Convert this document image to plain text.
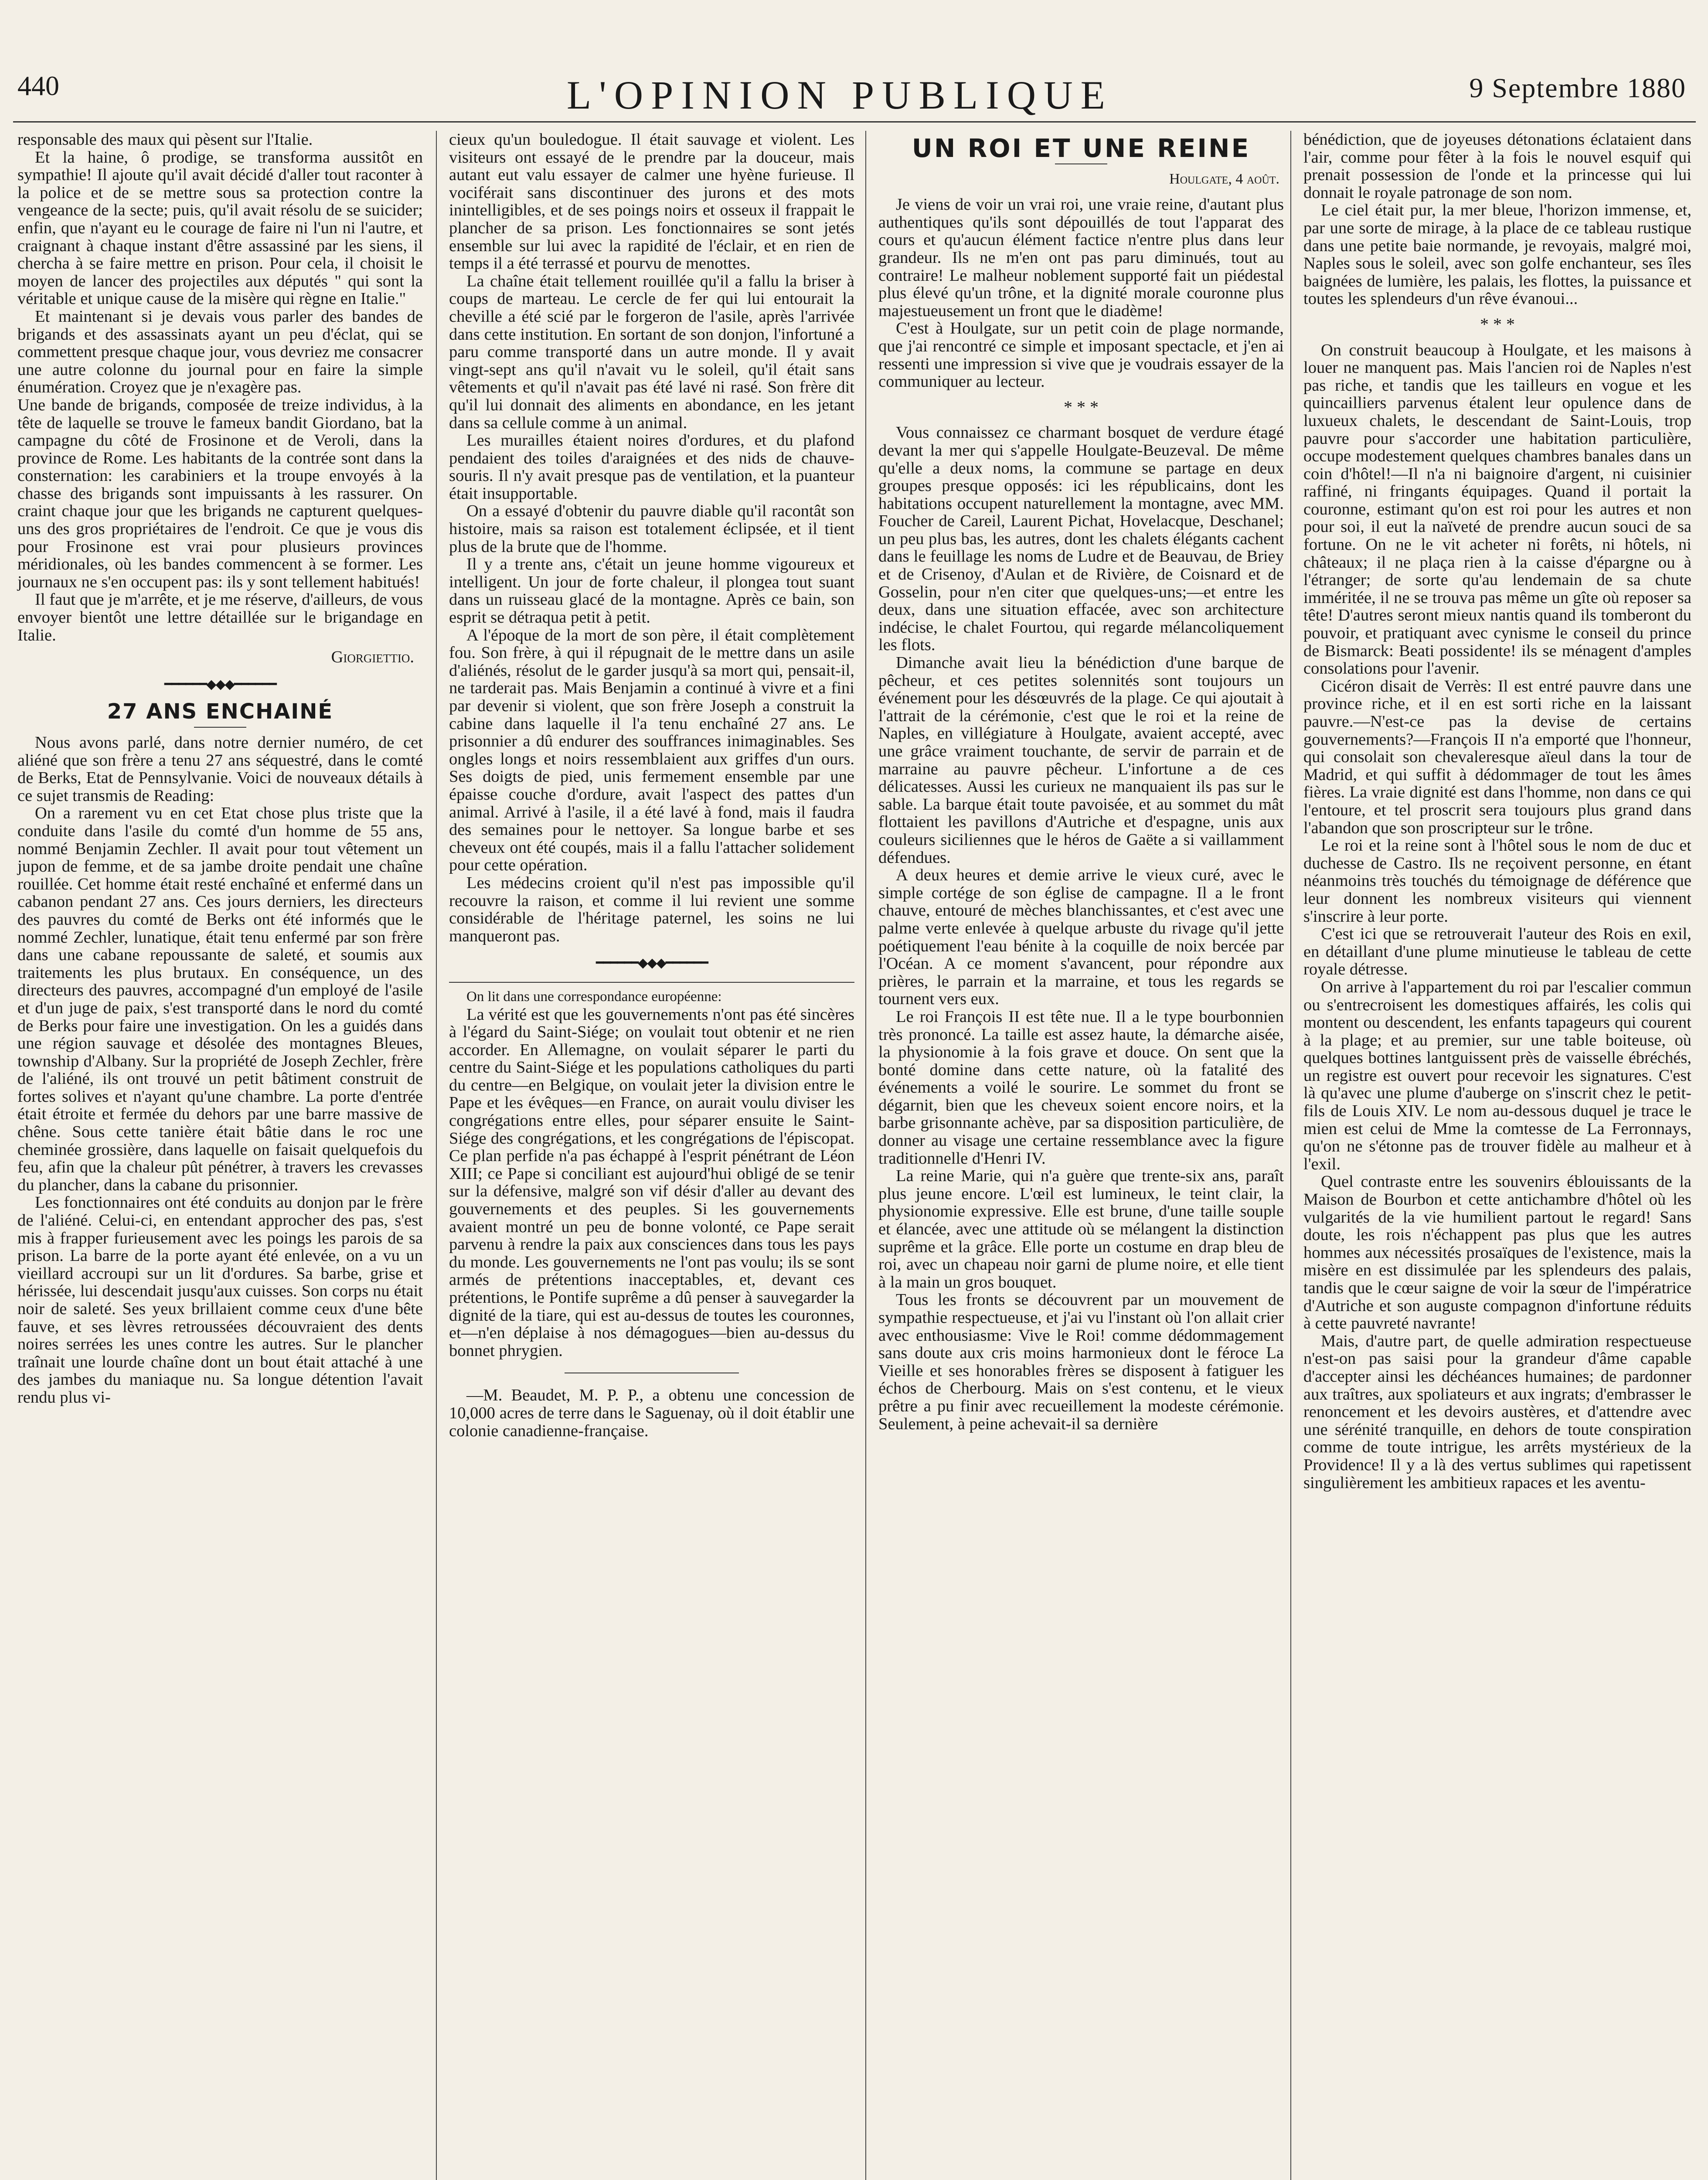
440	L'OPINION PUBLIQUE	9 Septembre 1880

responsable des maux qui pèsent sur l'Italie.

Et la haine, ô prodige, se transforma aussitôt en sympathie! Il ajoute qu'il avait décidé d'aller tout raconter à la police et de se mettre sous sa protection contre la vengeance de la secte; puis, qu'il avait résolu de se suicider; enfin, que n'ayant eu le courage de faire ni l'un ni l'autre, et craignant à chaque instant d'être assassiné par les siens, il chercha à se faire mettre en prison. Pour cela, il choisit le moyen de lancer des projectiles aux députés " qui sont la véritable et unique cause de la misère qui règne en Italie."

Et maintenant si je devais vous parler des bandes de brigands et des assassinats ayant un peu d'éclat, qui se commettent presque chaque jour, vous devriez me consacrer une autre colonne du journal pour en faire la simple énumération. Croyez que je n'exagère pas.

Une bande de brigands, composée de treize individus, à la tête de laquelle se trouve le fameux bandit Giordano, bat la campagne du côté de Frosinone et de Veroli, dans la province de Rome. Les habitants de la contrée sont dans la consternation: les carabiniers et la troupe envoyés à la chasse des brigands sont impuissants à les rassurer. On craint chaque jour que les brigands ne capturent quelques-uns des gros propriétaires de l'endroit. Ce que je vous dis pour Frosinone est vrai pour plusieurs provinces méridionales, où les bandes commencent à se former. Les journaux ne s'en occupent pas: ils y sont tellement habitués!

Il faut que je m'arrête, et je me réserve, d'ailleurs, de vous envoyer bientôt une lettre détaillée sur le brigandage en Italie.

Giorgiettio.
━━━━━━◆◆◆━━━━━━
27 ANS ENCHAINÉ

Nous avons parlé, dans notre dernier numéro, de cet aliéné que son frère a tenu 27 ans séquestré, dans le comté de Berks, Etat de Pennsylvanie. Voici de nouveaux détails à ce sujet transmis de Reading:

On a rarement vu en cet Etat chose plus triste que la conduite dans l'asile du comté d'un homme de 55 ans, nommé Benjamin Zechler. Il avait pour tout vêtement un jupon de femme, et de sa jambe droite pendait une chaîne rouillée. Cet homme était resté enchaîné et enfermé dans un cabanon pendant 27 ans. Ces jours derniers, les directeurs des pauvres du comté de Berks ont été informés que le nommé Zechler, lunatique, était tenu enfermé par son frère dans une cabane repoussante de saleté, et soumis aux traitements les plus brutaux. En conséquence, un des directeurs des pauvres, accompagné d'un employé de l'asile et d'un juge de paix, s'est transporté dans le nord du comté de Berks pour faire une investigation. On les a guidés dans une région sauvage et désolée des montagnes Bleues, township d'Albany. Sur la propriété de Joseph Zechler, frère de l'aliéné, ils ont trouvé un petit bâtiment construit de fortes solives et n'ayant qu'une chambre. La porte d'entrée était étroite et fermée du dehors par une barre massive de chêne. Sous cette tanière était bâtie dans le roc une cheminée grossière, dans laquelle on faisait quelquefois du feu, afin que la chaleur pût pénétrer, à travers les crevasses du plancher, dans la cabane du prisonnier.

Les fonctionnaires ont été conduits au donjon par le frère de l'aliéné. Celui-ci, en entendant approcher des pas, s'est mis à frapper furieusement avec les poings les parois de sa prison. La barre de la porte ayant été enlevée, on a vu un vieillard accroupi sur un lit d'ordures. Sa barbe, grise et hérissée, lui descendait jusqu'aux cuisses. Son corps nu était noir de saleté. Ses yeux brillaient comme ceux d'une bête fauve, et ses lèvres retroussées découvraient des dents noires serrées les unes contre les autres. Sur le plancher traînait une lourde chaîne dont un bout était attaché à une des jambes du maniaque nu. Sa longue détention l'avait rendu plus vi-

cieux qu'un bouledogue. Il était sauvage et violent. Les visiteurs ont essayé de le prendre par la douceur, mais autant eut valu essayer de calmer une hyène furieuse. Il vociférait sans discontinuer des jurons et des mots inintelligibles, et de ses poings noirs et osseux il frappait le plancher de sa prison. Les fonctionnaires se sont jetés ensemble sur lui avec la rapidité de l'éclair, et en rien de temps il a été terrassé et pourvu de menottes.

La chaîne était tellement rouillée qu'il a fallu la briser à coups de marteau. Le cercle de fer qui lui entourait la cheville a été scié par le forgeron de l'asile, après l'arrivée dans cette institution. En sortant de son donjon, l'infortuné a paru comme transporté dans un autre monde. Il y avait vingt-sept ans qu'il n'avait vu le soleil, qu'il était sans vêtements et qu'il n'avait pas été lavé ni rasé. Son frère dit qu'il lui donnait des aliments en abondance, en les jetant dans sa cellule comme à un animal.

Les murailles étaient noires d'ordures, et du plafond pendaient des toiles d'araignées et des nids de chauve-souris. Il n'y avait presque pas de ventilation, et la puanteur était insupportable.

On a essayé d'obtenir du pauvre diable qu'il racontât son histoire, mais sa raison est totalement éclipsée, et il tient plus de la brute que de l'homme.

Il y a trente ans, c'était un jeune homme vigoureux et intelligent. Un jour de forte chaleur, il plongea tout suant dans un ruisseau glacé de la montagne. Après ce bain, son esprit se détraqua petit à petit.

A l'époque de la mort de son père, il était complètement fou. Son frère, à qui il répugnait de le mettre dans un asile d'aliénés, résolut de le garder jusqu'à sa mort qui, pensait-il, ne tarderait pas. Mais Benjamin a continué à vivre et a fini par devenir si violent, que son frère Joseph a construit la cabine dans laquelle il l'a tenu enchaîné 27 ans. Le prisonnier a dû endurer des souffrances inimaginables. Ses ongles longs et noirs ressemblaient aux griffes d'un ours. Ses doigts de pied, unis fermement ensemble par une épaisse couche d'ordure, avait l'aspect des pattes d'un animal. Arrivé à l'asile, il a été lavé à fond, mais il faudra des semaines pour le nettoyer. Sa longue barbe et ses cheveux ont été coupés, mais il a fallu l'attacher solidement pour cette opération.

Les médecins croient qu'il n'est pas impossible qu'il recouvre la raison, et comme il lui revient une somme considérable de l'héritage paternel, les soins ne lui manqueront pas.

━━━━━━◆◆◆━━━━━━

On lit dans une correspondance européenne:

La vérité est que les gouvernements n'ont pas été sincères à l'égard du Saint-Siége; on voulait tout obtenir et ne rien accorder. En Allemagne, on voulait séparer le parti du centre du Saint-Siége et les populations catholiques du parti du centre—en Belgique, on voulait jeter la division entre le Pape et les évêques—en France, on aurait voulu diviser les congrégations entre elles, pour séparer ensuite le Saint-Siége des congrégations, et les congrégations de l'épiscopat. Ce plan perfide n'a pas échappé à l'esprit pénétrant de Léon XIII; ce Pape si conciliant est aujourd'hui obligé de se tenir sur la défensive, malgré son vif désir d'aller au devant des gouvernements et des peuples. Si les gouvernements avaient montré un peu de bonne volonté, ce Pape serait parvenu à rendre la paix aux consciences dans tous les pays du monde. Les gouvernements ne l'ont pas voulu; ils se sont armés de prétentions inacceptables, et, devant ces prétentions, le Pontife suprême a dû penser à sauvegarder la dignité de la tiare, qui est au-dessus de toutes les couronnes, et—n'en déplaise à nos démagogues—bien au-dessus du bonnet phrygien.

—M. Beaudet, M. P. P., a obtenu une concession de 10,000 acres de terre dans le Saguenay, où il doit établir une colonie canadienne-française.

UN ROI ET UNE REINE
Houlgate, 4 août.

Je viens de voir un vrai roi, une vraie reine, d'autant plus authentiques qu'ils sont dépouillés de tout l'apparat des cours et qu'aucun élément factice n'entre plus dans leur grandeur. Ils ne m'en ont pas paru diminués, tout au contraire! Le malheur noblement supporté fait un piédestal plus élevé qu'un trône, et la dignité morale couronne plus majestueusement un front que le diadème!

C'est à Houlgate, sur un petit coin de plage normande, que j'ai rencontré ce simple et imposant spectacle, et j'en ai ressenti une impression si vive que je voudrais essayer de la communiquer au lecteur.

* * *

Vous connaissez ce charmant bosquet de verdure étagé devant la mer qui s'appelle Houlgate-Beuzeval. De même qu'elle a deux noms, la commune se partage en deux groupes presque opposés: ici les républicains, dont les habitations occupent naturellement la montagne, avec MM. Foucher de Careil, Laurent Pichat, Hovelacque, Deschanel; un peu plus bas, les autres, dont les chalets élégants cachent dans le feuillage les noms de Ludre et de Beauvau, de Briey et de Crisenoy, d'Aulan et de Rivière, de Coisnard et de Gosselin, pour n'en citer que quelques-uns;—et entre les deux, dans une situation effacée, avec son architecture indécise, le chalet Fourtou, qui regarde mélancoliquement les flots.

Dimanche avait lieu la bénédiction d'une barque de pêcheur, et ces petites solennités sont toujours un événement pour les désœuvrés de la plage. Ce qui ajoutait à l'attrait de la cérémonie, c'est que le roi et la reine de Naples, en villégiature à Houlgate, avaient accepté, avec une grâce vraiment touchante, de servir de parrain et de marraine au pauvre pêcheur. L'infortune a de ces délicatesses. Aussi les curieux ne manquaient ils pas sur le sable. La barque était toute pavoisée, et au sommet du mât flottaient les pavillons d'Autriche et d'espagne, unis aux couleurs siciliennes que le héros de Gaëte a si vaillamment défendues.

A deux heures et demie arrive le vieux curé, avec le simple cortége de son église de campagne. Il a le front chauve, entouré de mèches blanchissantes, et c'est avec une palme verte enlevée à quelque arbuste du rivage qu'il jette poétiquement l'eau bénite à la coquille de noix bercée par l'Océan. A ce moment s'avancent, pour répondre aux prières, le parrain et la marraine, et tous les regards se tournent vers eux.

Le roi François II est tête nue. Il a le type bourbonnien très prononcé. La taille est assez haute, la démarche aisée, la physionomie à la fois grave et douce. On sent que la bonté domine dans cette nature, où la fatalité des événements a voilé le sourire. Le sommet du front se dégarnit, bien que les cheveux soient encore noirs, et la barbe grisonnante achève, par sa disposition particulière, de donner au visage une certaine ressemblance avec la figure traditionnelle d'Henri IV.

La reine Marie, qui n'a guère que trente-six ans, paraît plus jeune encore. L'œil est lumineux, le teint clair, la physionomie expressive. Elle est brune, d'une taille souple et élancée, avec une attitude où se mélangent la distinction suprême et la grâce. Elle porte un costume en drap bleu de roi, avec un chapeau noir garni de plume noire, et elle tient à la main un gros bouquet.

Tous les fronts se découvrent par un mouvement de sympathie respectueuse, et j'ai vu l'instant où l'on allait crier avec enthousiasme: Vive le Roi! comme dédommagement sans doute aux cris moins harmonieux dont le féroce La Vieille et ses honorables frères se disposent à fatiguer les échos de Cherbourg. Mais on s'est contenu, et le vieux prêtre a pu finir avec recueillement la modeste cérémonie. Seulement, à peine achevait-il sa dernière

bénédiction, que de joyeuses détonations éclataient dans l'air, comme pour fêter à la fois le nouvel esquif qui prenait possession de l'onde et la princesse qui lui donnait le royale patronage de son nom.

Le ciel était pur, la mer bleue, l'horizon immense, et, par une sorte de mirage, à la place de ce tableau rustique dans une petite baie normande, je revoyais, malgré moi, Naples sous le soleil, avec son golfe enchanteur, ses îles baignées de lumière, les palais, les flottes, la puissance et toutes les splendeurs d'un rêve évanoui...

* * *

On construit beaucoup à Houlgate, et les maisons à louer ne manquent pas. Mais l'ancien roi de Naples n'est pas riche, et tandis que les tailleurs en vogue et les quincailliers parvenus étalent leur opulence dans de luxueux chalets, le descendant de Saint-Louis, trop pauvre pour s'accorder une habitation particulière, occupe modestement quelques chambres banales dans un coin d'hôtel!—Il n'a ni baignoire d'argent, ni cuisinier raffiné, ni fringants équipages. Quand il portait la couronne, estimant qu'on est roi pour les autres et non pour soi, il eut la naïveté de prendre aucun souci de sa fortune. On ne le vit acheter ni forêts, ni hôtels, ni châteaux; il ne plaça rien à la caisse d'épargne ou à l'étranger; de sorte qu'au lendemain de sa chute imméritée, il ne se trouva pas même un gîte où reposer sa tête! D'autres seront mieux nantis quand ils tomberont du pouvoir, et pratiquant avec cynisme le conseil du prince de Bismarck: Beati possidente! ils se ménagent d'amples consolations pour l'avenir.

Cicéron disait de Verrès: Il est entré pauvre dans une province riche, et il en est sorti riche en la laissant pauvre.—N'est-ce pas la devise de certains gouvernements?—François II n'a emporté que l'honneur, qui consolait son chevaleresque aïeul dans la tour de Madrid, et qui suffit à dédommager de tout les âmes fières. La vraie dignité est dans l'homme, non dans ce qui l'entoure, et tel proscrit sera toujours plus grand dans l'abandon que son proscripteur sur le trône.

Le roi et la reine sont à l'hôtel sous le nom de duc et duchesse de Castro. Ils ne reçoivent personne, en étant néanmoins très touchés du témoignage de déférence que leur donnent les nombreux visiteurs qui viennent s'inscrire à leur porte.

C'est ici que se retrouverait l'auteur des Rois en exil, en détaillant d'une plume minutieuse le tableau de cette royale détresse.

On arrive à l'appartement du roi par l'escalier commun ou s'entrecroisent les domestiques affairés, les colis qui montent ou descendent, les enfants tapageurs qui courent à la plage; et au premier, sur une table boiteuse, où quelques bottines lantguissent près de vaisselle ébréchés, un registre est ouvert pour recevoir les signatures. C'est là qu'avec une plume d'auberge on s'inscrit chez le petit-fils de Louis XIV. Le nom au-dessous duquel je trace le mien est celui de Mme la comtesse de La Ferronnays, qu'on ne s'étonne pas de trouver fidèle au malheur et à l'exil.

Quel contraste entre les souvenirs éblouissants de la Maison de Bourbon et cette antichambre d'hôtel où les vulgarités de la vie humilient partout le regard! Sans doute, les rois n'échappent pas plus que les autres hommes aux nécessités prosaïques de l'existence, mais la misère en est dissimulée par les splendeurs des palais, tandis que le cœur saigne de voir la sœur de l'impératrice d'Autriche et son auguste compagnon d'infortune réduits à cette pauvreté navrante!

Mais, d'autre part, de quelle admiration respectueuse n'est-on pas saisi pour la grandeur d'âme capable d'accepter ainsi les déchéances humaines; de pardonner aux traîtres, aux spoliateurs et aux ingrats; d'embrasser le renoncement et les devoirs austères, et d'attendre avec une sérénité tranquille, en dehors de toute conspiration comme de toute intrigue, les arrêts mystérieux de la Providence! Il y a là des vertus sublimes qui rapetissent singulièrement les ambitieux rapaces et les aventu-
